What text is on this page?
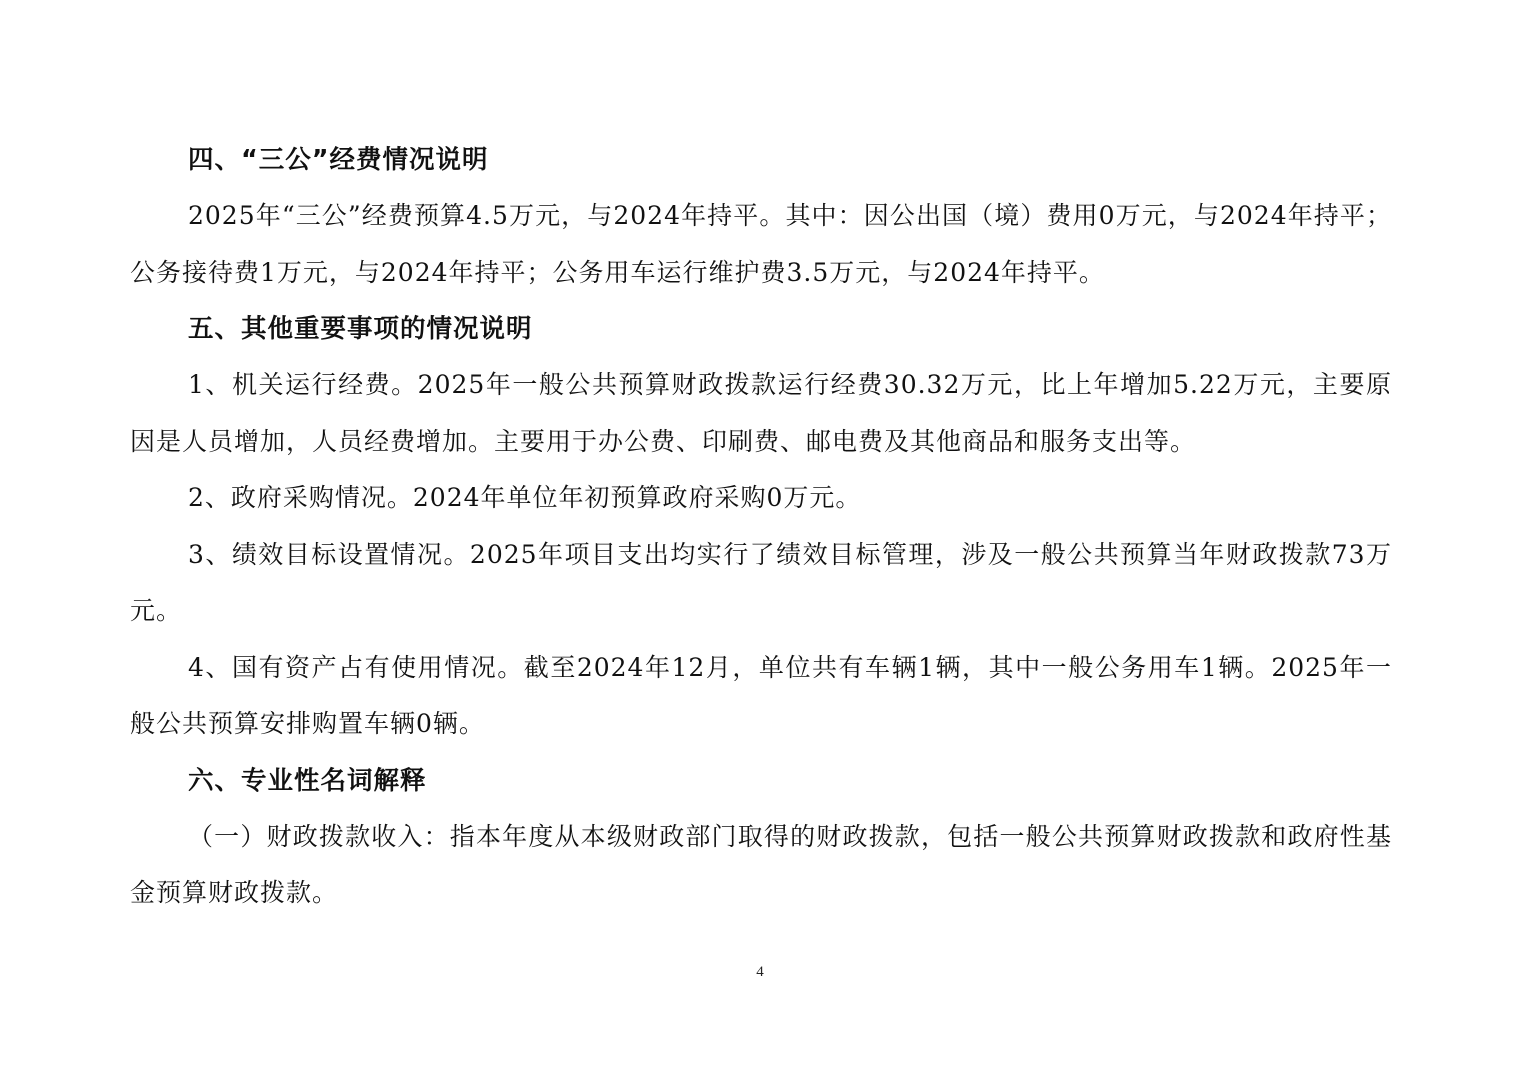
四、“三公”经费情况说明

2025年“三公”经费预算4.5万元，与2024年持平。其中：因公出国（境）费用0万元，与2024年持平；公务接待费1万元，与2024年持平；公务用车运行维护费3.5万元，与2024年持平。

五、其他重要事项的情况说明

1、机关运行经费。2025年一般公共预算财政拨款运行经费30.32万元，比上年增加5.22万元，主要原因是人员增加，人员经费增加。主要用于办公费、印刷费、邮电费及其他商品和服务支出等。

2、政府采购情况。2024年单位年初预算政府采购0万元。

3、绩效目标设置情况。2025年项目支出均实行了绩效目标管理，涉及一般公共预算当年财政拨款73万元。

4、国有资产占有使用情况。截至2024年12月，单位共有车辆1辆，其中一般公务用车1辆。2025年一般公共预算安排购置车辆0辆。

六、专业性名词解释

（一）财政拨款收入：指本年度从本级财政部门取得的财政拨款，包括一般公共预算财政拨款和政府性基金预算财政拨款。

4
